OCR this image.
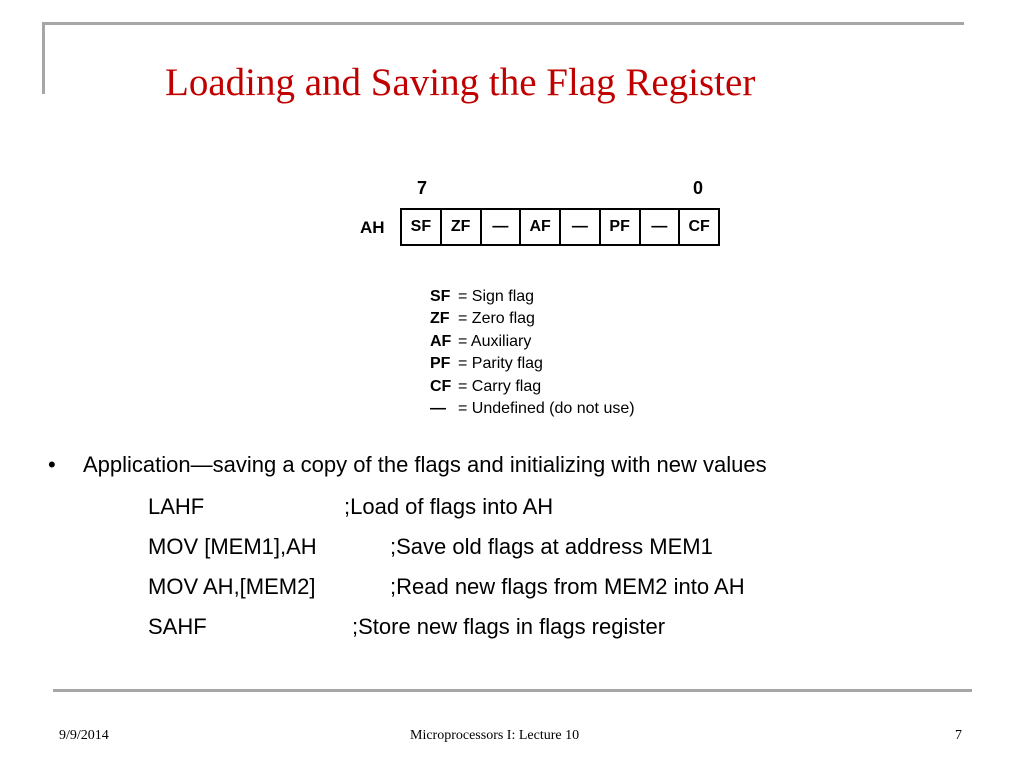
Loading and Saving the Flag Register
7	0
AH	SF	ZF	—	AF	—	PF	—	CF
SF = Sign flag
ZF = Zero flag
AF = Auxiliary
PF = Parity flag
CF = Carry flag
— = Undefined (do not use)
•	Application—saving a copy of the flags and initializing with new values
LAHF	;Load of flags into AH
MOV [MEM1],AH	;Save old flags at address MEM1
MOV AH,[MEM2]	;Read new flags from MEM2 into AH
SAHF	;Store new flags in flags register
9/9/2014	Microprocessors I: Lecture 10	7
